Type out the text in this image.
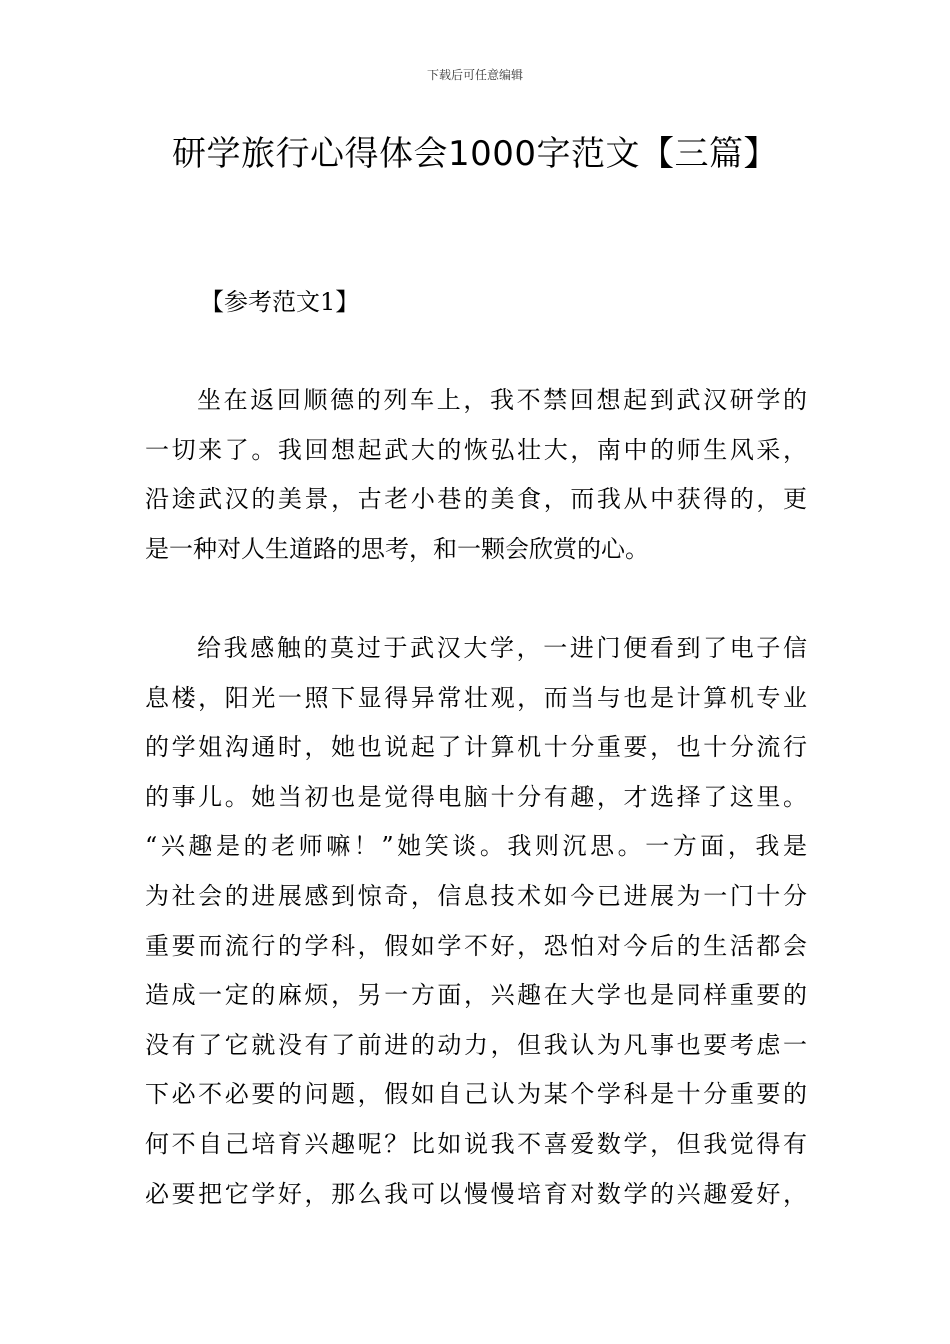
下载后可任意编辑
研学旅行心得体会1000字范文【三篇】
【参考范文1】
坐在返回顺德的列车上，我不禁回想起到武汉研学的
一切来了。我回想起武大的恢弘壮大，南中的师生风采，
沿途武汉的美景，古老小巷的美食，而我从中获得的，更
是一种对人生道路的思考，和一颗会欣赏的心。
给我感触的莫过于武汉大学，一进门便看到了电子信
息楼，阳光一照下显得异常壮观，而当与也是计算机专业
的学姐沟通时，她也说起了计算机十分重要，也十分流行
的事儿。她当初也是觉得电脑十分有趣，才选择了这里。
“兴趣是的老师嘛！”她笑谈。我则沉思。一方面，我是
为社会的进展感到惊奇，信息技术如今已进展为一门十分
重要而流行的学科，假如学不好，恐怕对今后的生活都会
造成一定的麻烦，另一方面，兴趣在大学也是同样重要的
没有了它就没有了前进的动力，但我认为凡事也要考虑一
下必不必要的问题，假如自己认为某个学科是十分重要的
何不自己培育兴趣呢？比如说我不喜爱数学，但我觉得有
必要把它学好，那么我可以慢慢培育对数学的兴趣爱好，
